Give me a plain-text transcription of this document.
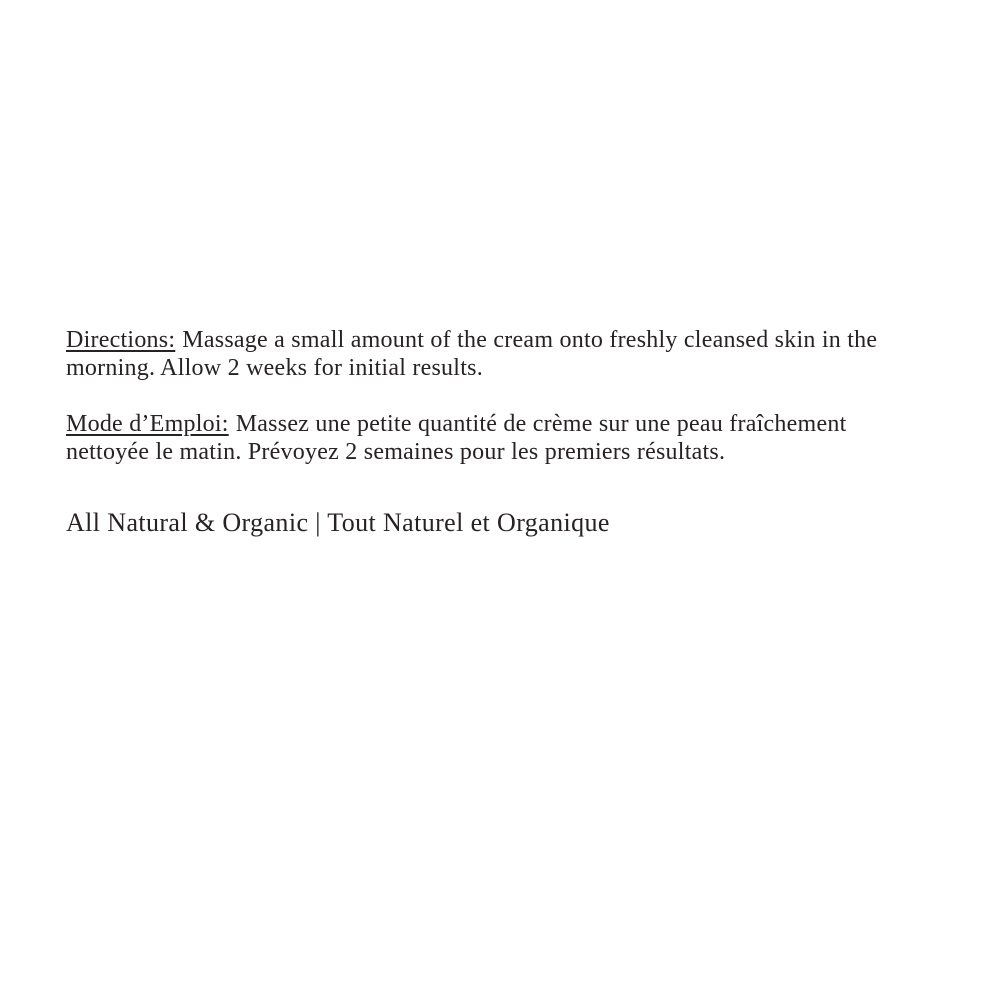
Directions: Massage a small amount of the cream onto freshly cleansed skin in the
morning. Allow 2 weeks for initial results.
Mode d’Emploi: Massez une petite quantité de crème sur une peau fraîchement
nettoyée le matin. Prévoyez 2 semaines pour les premiers résultats.
All Natural & Organic | Tout Naturel et Organique
